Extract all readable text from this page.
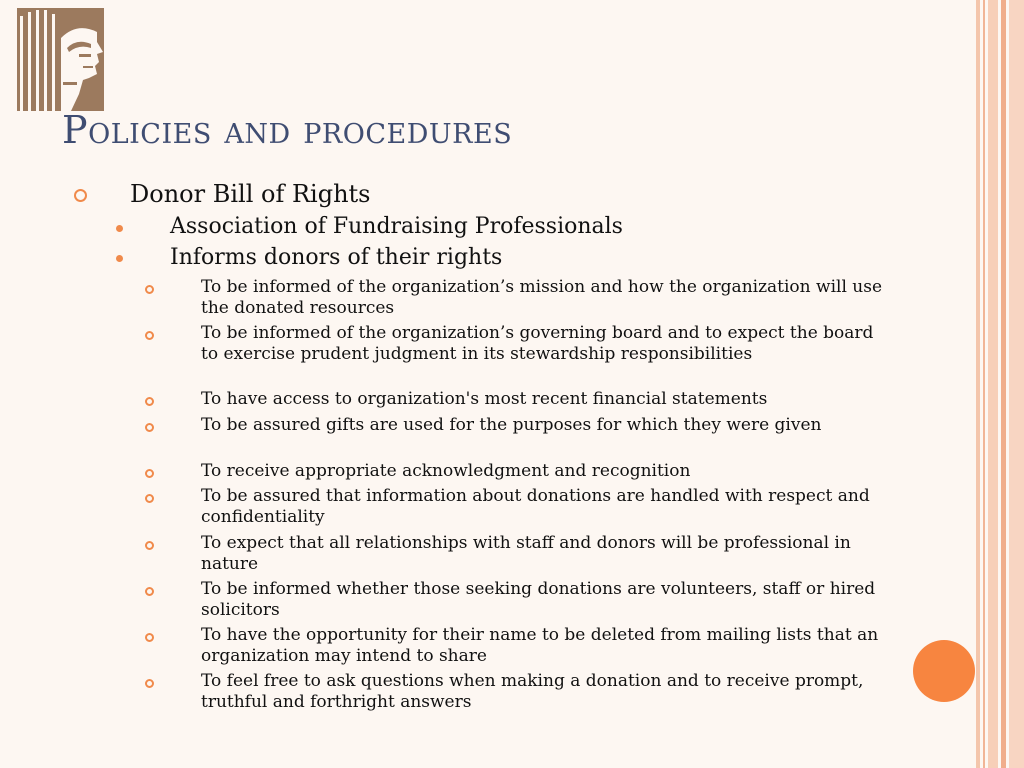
Policies and procedures
Donor Bill of Rights
Association of Fundraising Professionals
Informs donors of their rights
To be informed of the organization’s mission and how the organization will use the donated resources
To be informed of the organization’s governing board and to expect the board to exercise prudent judgment in its stewardship responsibilities
To have access to organization's most recent financial statements
To be assured gifts are used for the purposes for which they were given
To receive appropriate acknowledgment and recognition
To be assured that information about donations are handled with respect and confidentiality
To expect that all relationships with staff and donors will be professional in nature
To be informed whether those seeking donations are volunteers, staff or hired solicitors
To have the opportunity for their name to be deleted from mailing lists that an organization may intend to share
To feel free to ask questions when making a donation and to receive prompt, truthful and forthright answers
